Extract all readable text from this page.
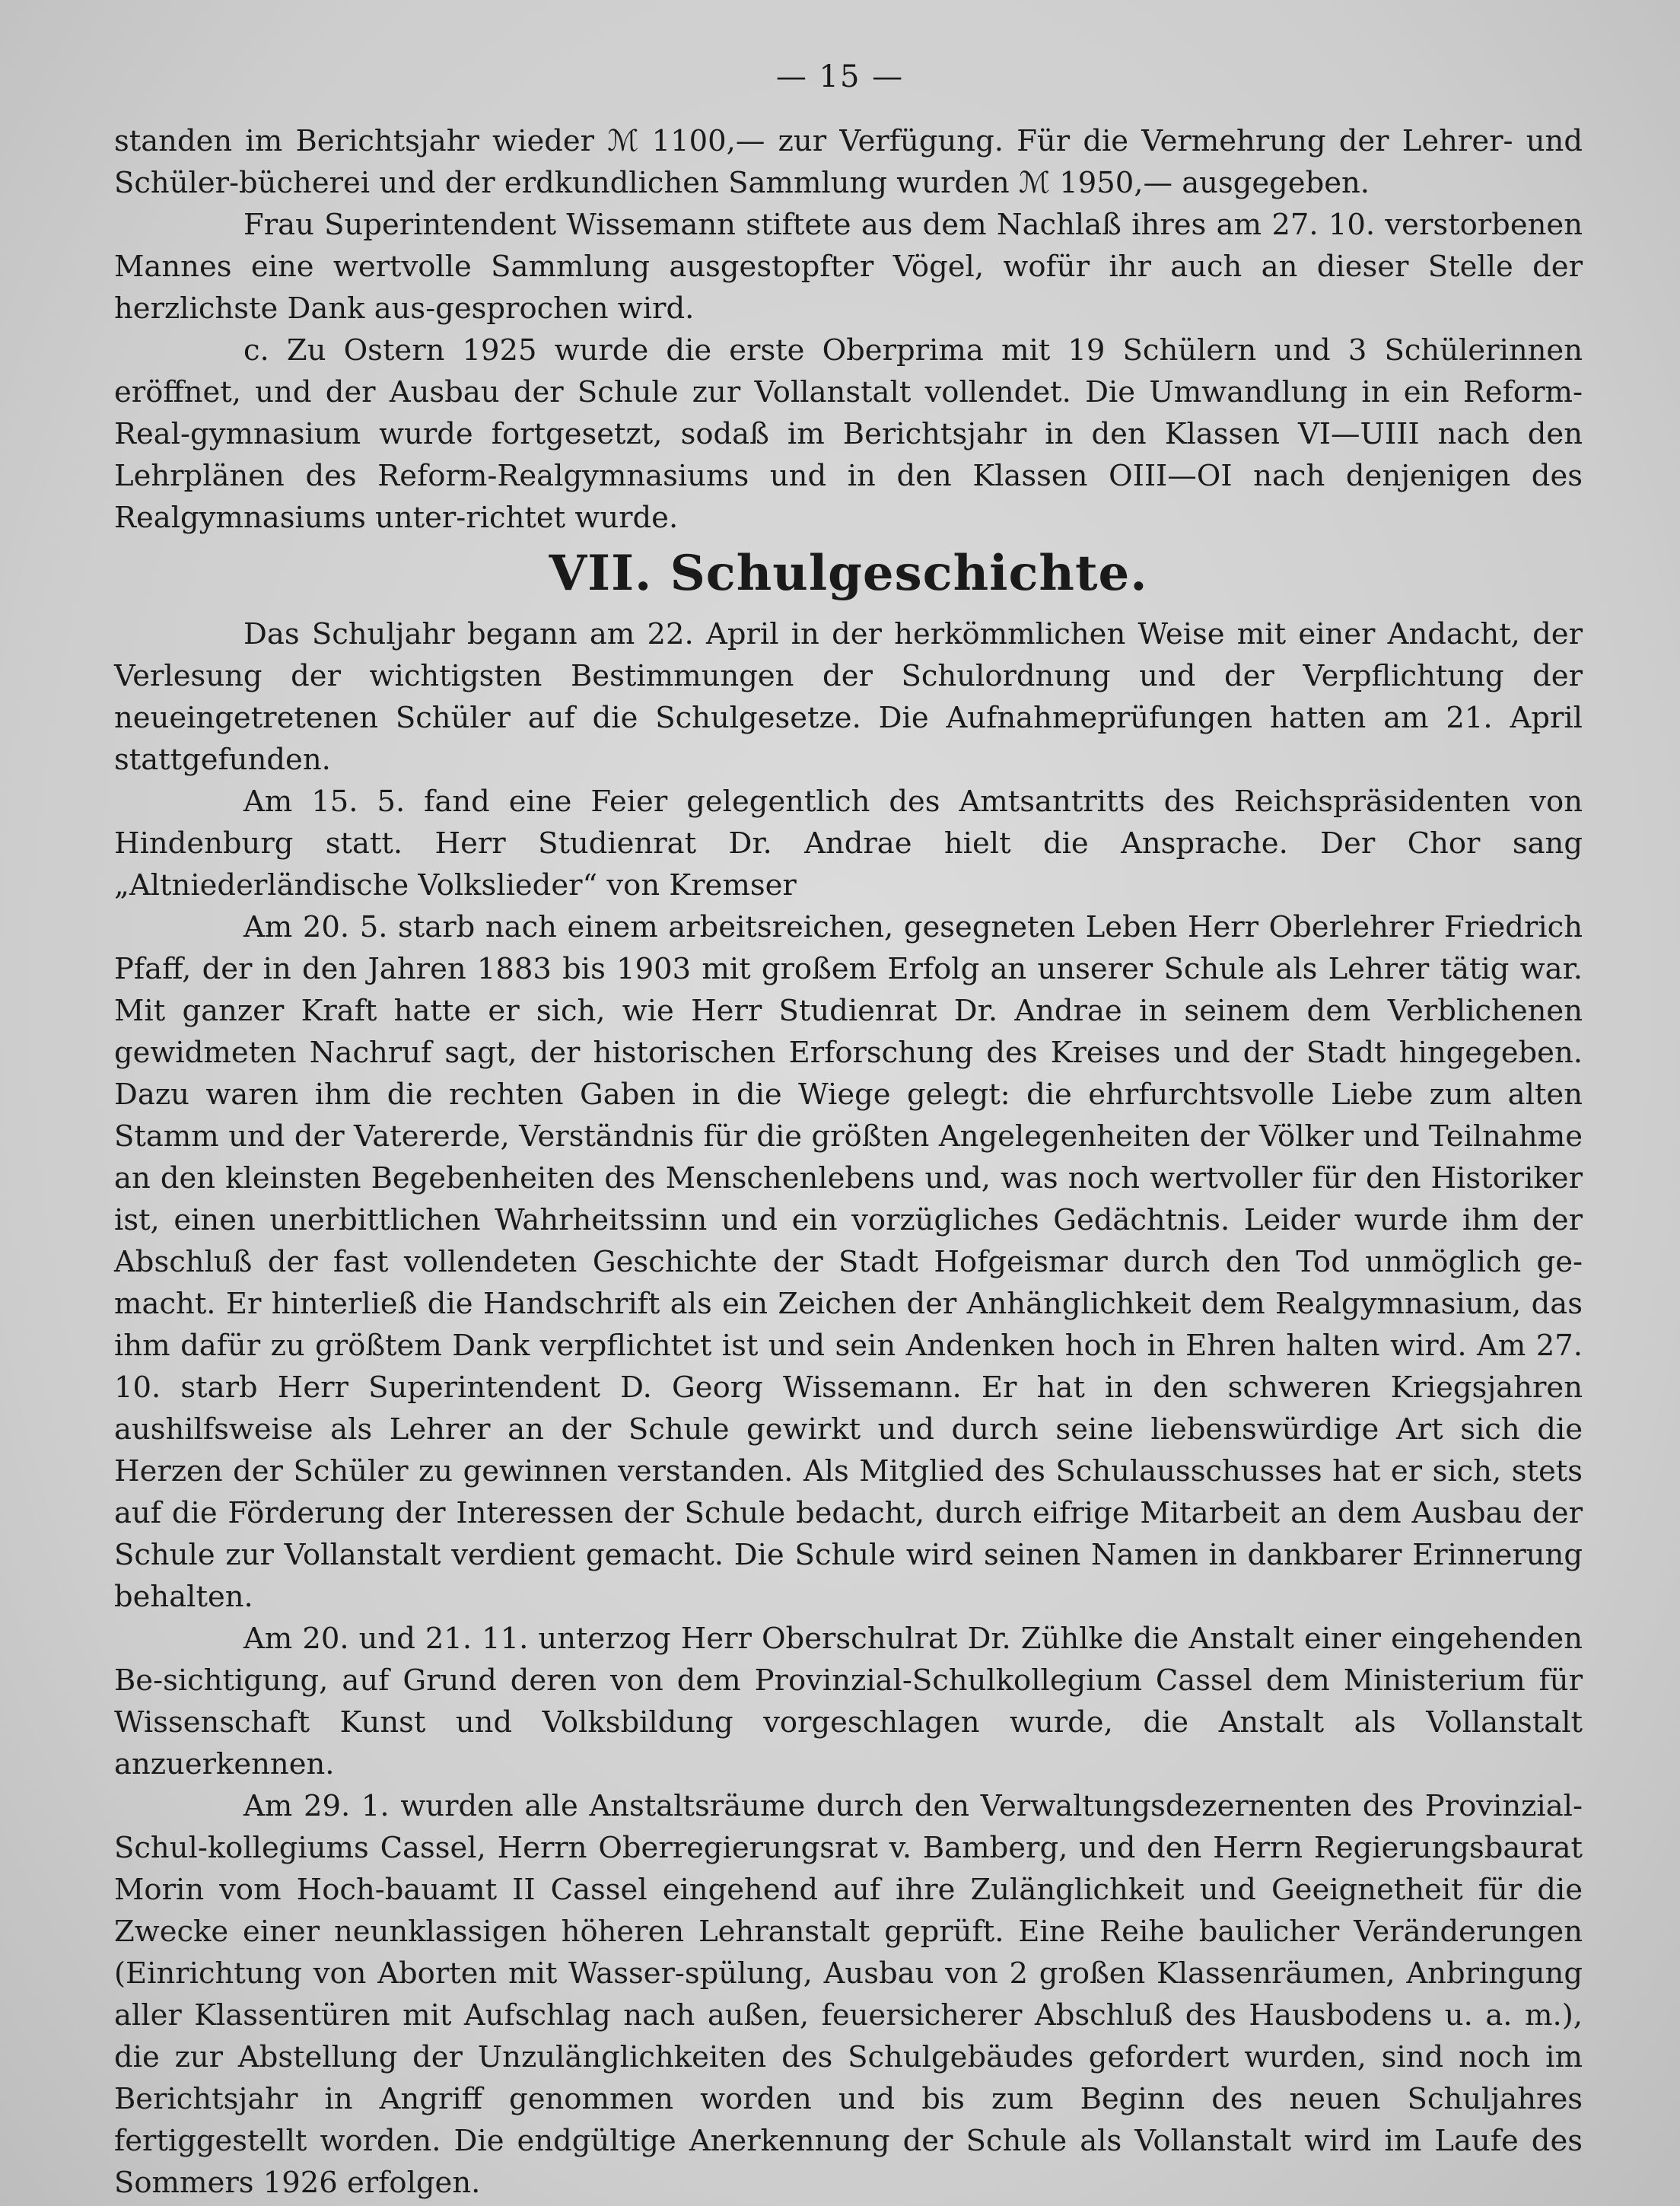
— 15 —

standen im Berichtsjahr wieder ℳ 1100,— zur Verfügung. Für die Vermehrung der Lehrer- und Schüler-bücherei und der erdkundlichen Sammlung wurden ℳ 1950,— ausgegeben.

Frau Superintendent Wissemann stiftete aus dem Nachlaß ihres am 27. 10. verstorbenen Mannes eine wertvolle Sammlung ausgestopfter Vögel, wofür ihr auch an dieser Stelle der herzlichste Dank aus-gesprochen wird.

c. Zu Ostern 1925 wurde die erste Oberprima mit 19 Schülern und 3 Schülerinnen eröffnet, und der Ausbau der Schule zur Vollanstalt vollendet. Die Umwandlung in ein Reform-Real-gymnasium wurde fortgesetzt, sodaß im Berichtsjahr in den Klassen VI—UIII nach den Lehrplänen des Reform-Realgymnasiums und in den Klassen OIII—OI nach denjenigen des Realgymnasiums unter-richtet wurde.

VII. Schulgeschichte.

Das Schuljahr begann am 22. April in der herkömmlichen Weise mit einer Andacht, der Verlesung der wichtigsten Bestimmungen der Schulordnung und der Verpflichtung der neueingetretenen Schüler auf die Schulgesetze. Die Aufnahmeprüfungen hatten am 21. April stattgefunden.

Am 15. 5. fand eine Feier gelegentlich des Amtsantritts des Reichspräsidenten von Hindenburg statt. Herr Studienrat Dr. Andrae hielt die Ansprache. Der Chor sang „Altniederländische Volkslieder“ von Kremser

Am 20. 5. starb nach einem arbeitsreichen, gesegneten Leben Herr Oberlehrer Friedrich Pfaff, der in den Jahren 1883 bis 1903 mit großem Erfolg an unserer Schule als Lehrer tätig war. Mit ganzer Kraft hatte er sich, wie Herr Studienrat Dr. Andrae in seinem dem Verblichenen gewidmeten Nachruf sagt, der historischen Erforschung des Kreises und der Stadt hingegeben. Dazu waren ihm die rechten Gaben in die Wiege gelegt: die ehrfurchtsvolle Liebe zum alten Stamm und der Vatererde, Verständnis für die größten Angelegenheiten der Völker und Teilnahme an den kleinsten Begebenheiten des Menschenlebens und, was noch wertvoller für den Historiker ist, einen unerbittlichen Wahrheitssinn und ein vorzügliches Gedächtnis. Leider wurde ihm der Abschluß der fast vollendeten Geschichte der Stadt Hofgeismar durch den Tod unmöglich ge-macht. Er hinterließ die Handschrift als ein Zeichen der Anhänglichkeit dem Realgymnasium, das ihm dafür zu größtem Dank verpflichtet ist und sein Andenken hoch in Ehren halten wird. Am 27. 10. starb Herr Superintendent D. Georg Wissemann. Er hat in den schweren Kriegsjahren aushilfsweise als Lehrer an der Schule gewirkt und durch seine liebenswürdige Art sich die Herzen der Schüler zu gewinnen verstanden. Als Mitglied des Schulausschusses hat er sich, stets auf die Förderung der Interessen der Schule bedacht, durch eifrige Mitarbeit an dem Ausbau der Schule zur Vollanstalt verdient gemacht. Die Schule wird seinen Namen in dankbarer Erinnerung behalten.

Am 20. und 21. 11. unterzog Herr Oberschulrat Dr. Zühlke die Anstalt einer eingehenden Be-sichtigung, auf Grund deren von dem Provinzial-Schulkollegium Cassel dem Ministerium für Wissenschaft Kunst und Volksbildung vorgeschlagen wurde, die Anstalt als Vollanstalt anzuerkennen.

Am 29. 1. wurden alle Anstaltsräume durch den Verwaltungsdezernenten des Provinzial-Schul-kollegiums Cassel, Herrn Oberregierungsrat v. Bamberg, und den Herrn Regierungsbaurat Morin vom Hoch-bauamt II Cassel eingehend auf ihre Zulänglichkeit und Geeignetheit für die Zwecke einer neunklassigen höheren Lehranstalt geprüft. Eine Reihe baulicher Veränderungen (Einrichtung von Aborten mit Wasser-spülung, Ausbau von 2 großen Klassenräumen, Anbringung aller Klassentüren mit Aufschlag nach außen, feuersicherer Abschluß des Hausbodens u. a. m.), die zur Abstellung der Unzulänglichkeiten des Schulgebäudes gefordert wurden, sind noch im Berichtsjahr in Angriff genommen worden und bis zum Beginn des neuen Schuljahres fertiggestellt worden. Die endgültige Anerkennung der Schule als Vollanstalt wird im Laufe des Sommers 1926 erfolgen.
